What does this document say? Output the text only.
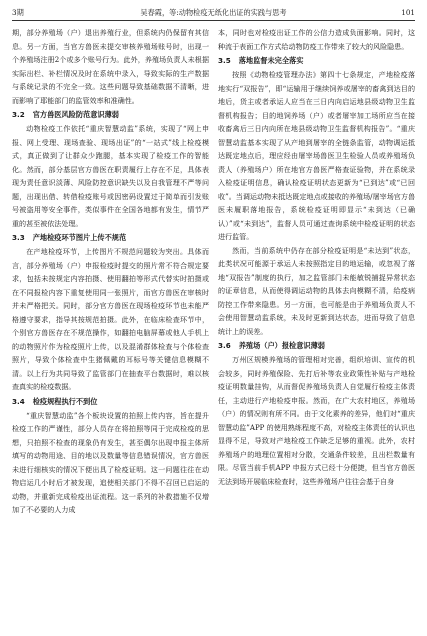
3期	吴春霞，等:动物检疫无纸化出证的实践与思考	101

期，部分养殖场（户）退出养殖行业，但系统内仍保留有其信息。另一方面，当官方兽医未提交审核养殖场账号时，出现一个养殖场注册2个或多个账号行为。此外，养殖场负责人未根据实际出栏、补栏情况及时在系统中录入，导致实际的生产数据与系统记录的不完全一致。这些问题导致基础数据不清晰，进而影响了耶能部门的监管效率和准确性。

3.2 官方兽医风险防范意识薄弱

动物检疫工作依托“重庆智慧动监”系统，实现了“网上申报、网上受理、现场查验、现场出证”的“一站式”线上检疫模式，真正做到了让群众少跑腿，基本实现了检疫工作的智能化。然而，部分基层官方兽医在职责履行上存在不足，具体表现为责任意识淡薄、风险防控意识缺失以及自我管理不严等问题，出现出借、转借检疫账号或因密码设置过于简单而引发账号被盗用等安全事件，类似事件在全国各地都有发生，情节严重的甚至被依法处理。

3.3 产地检疫环节图片上传不规范

在产地检疫环节，上传图片不规范问题较为突出。具体而言，部分养殖场（户）申报检疫时提交的照片常不符合规定要求，包括未按规定内容拍摄、使用翻拍等形式代替实时拍摄或在不同报检内容下重复使用同一张照片，而官方兽医在审核时并未严格把关。同时，部分官方兽医在现场检疫环节也未能严格遵守要求，指导其按规范拍摄。此外，在临床检查环节中，个别官方兽医存在不规范操作，如翻拍电脑屏幕或他人手机上的动物照片作为检疫照片上传，以及混淆群体检查与个体检查照片，导致个体检查中生猪佩戴的耳标号等关键信息模糊不清。以上行为共同导致了监管部门在抽查平台数据时，难以核查真实的检疫数据。

3.4 检疫规程执行不到位

“重庆智慧动监”各个板块设置的拍照上传内容，旨在提升检疫工作的严谨性，部分人员存在将拍照等同于完成检疫的思想，只拍照不检查的现象仍有发生，甚至偶尔出现申报主体所填写的动物用途、目的地以及数量等信息错误情况，官方兽医未进行细核实的情况下便出具了检疫证明。这一问题往往在动物启运几小时后才被发现，追使相关部门不得不召回已启运的动物，并重新完成检疫出证流程。这一系列的补救措施不仅增加了不必要的人力成

本，同时也对检疫出证工作的公信力造成负面影响。同时，这种流于表面工作方式给动物防疫工作带来了较大的风险隐患。

3.5 落地监督未完全落实

按照《动物检疫管理办法》第四十七条规定，产地检疫落地实行“双报告”，即“运输用于继续饲养或屠宰的畜禽到达目的地后，货主或者承运人应当在三日内向启运地县级动物卫生监督机构报告；目的地饲养场（户）或者屠宰加工场所应当在接收畜禽后三日内向所在地县级动物卫生监督机构报告”。“重庆智慧动监基本实现了从产地到屠宰的全链条监管，动物调运抵达既定地点后，理应经由屠宰场兽医卫生检验人员或养殖场负责人（养殖场户）所在地官方兽医严格查证验物，并在系统录入检疫证明信息，确认检疫证明状态更新为“已到达”或“已回收”。当调运动物未抵达既定地点或接收的养殖场/屠宰场官方兽医未履职落地报告，系统检疫证明即显示“未到达（已确认）”或“未到达”，监督人员可通过查询系统中检疫证明的状态进行监管。

然而，当前系统中仍存在部分检疫证明是“未达到”状态，此类状况可能源于承运人未按照指定目的地运输，或忽视了落地“双报告”制度的执行，加之监管部门未能敏锐捕捉异常状态的证章信息，从而使得调运动物的具体去向模糊不清，给疫病防控工作带来隐患。另一方面，也可能是由于养殖场负责人不会使用智慧动监系统，未及时更新到达状态，进而导致了信息统计上的误差。

3.6 养殖场（户）报检意识薄弱

万州区规模养殖场的管理相对完善，组织培训、宣传的机会较多，同时养殖保险、先打后补等农业政策性补贴与产地检疫证明数量挂钩，从而督促养殖场负责人自觉履行检疫主体责任，主动进行产地检疫申报。然而，在广大农村地区，养殖场（户）的情况则有所不同。由于文化素养的差异，他们对“重庆智慧动监”APP 的使用熟练程度不高，对检疫主体责任的认识也显得不足，导致对产地检疫工作缺乏足够的重视。此外，农村养殖场户的地理位置相对分散，交通条件较差，且出栏数量有限。尽管当前手机APP 申报方式已经十分便捷，但当官方兽医无法到场开展临床检查时，这些养殖场户往往会基于自身
